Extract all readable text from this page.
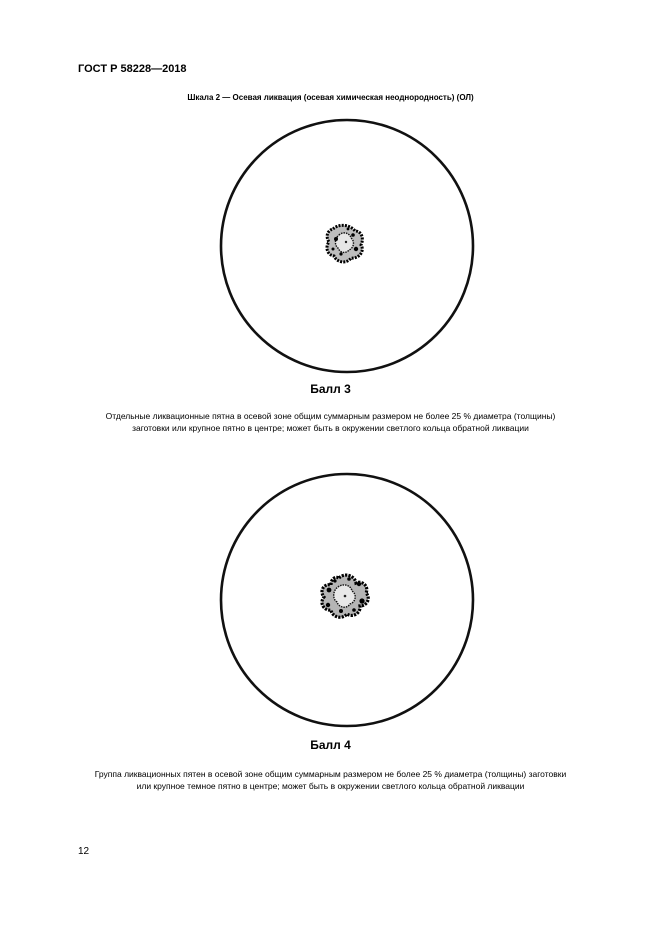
ГОСТ Р 58228—2018
Шкала 2 — Осевая ликвация (осевая химическая неоднородность) (ОЛ)
Балл 3
Отдельные ликвационные пятна в осевой зоне общим суммарным размером не более 25 % диаметра (толщины) заготовки или крупное пятно в центре; может быть в окружении светлого кольца обратной ликвации
Балл 4
Группа ликвационных пятен в осевой зоне общим суммарным размером не более 25 % диаметра (толщины) заготовки или крупное темное пятно в центре; может быть в окружении светлого кольца обратной ликвации
12
